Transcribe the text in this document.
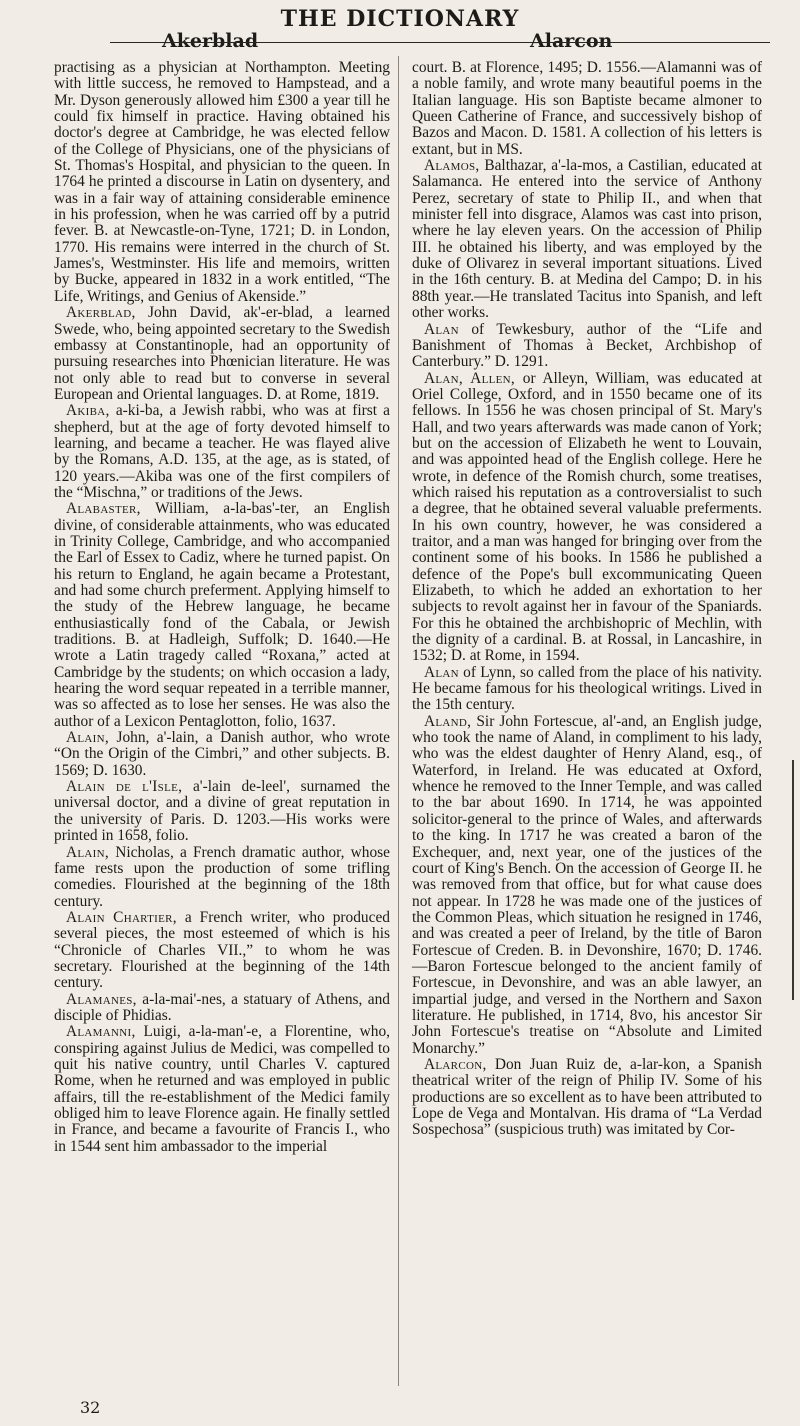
THE DICTIONARY
Akerblad	Alarcon

practising as a physician at Northampton. Meeting with little success, he removed to Hampstead, and a Mr. Dyson generously allowed him £300 a year till he could fix himself in practice. Having obtained his doctor's degree at Cambridge, he was elected fellow of the College of Physicians, one of the physicians of St. Thomas's Hospital, and physician to the queen. In 1764 he printed a discourse in Latin on dysentery, and was in a fair way of attaining considerable eminence in his profession, when he was carried off by a putrid fever. B. at Newcastle-on-Tyne, 1721; D. in London, 1770. His remains were interred in the church of St. James's, Westminster. His life and memoirs, written by Bucke, appeared in 1832 in a work entitled, “The Life, Writings, and Genius of Akenside.”

Akerblad, John David, ak'-er-blad, a learned Swede, who, being appointed secretary to the Swedish embassy at Constantinople, had an opportunity of pursuing researches into Phœnician literature. He was not only able to read but to converse in several European and Oriental languages. D. at Rome, 1819.

Akiba, a-ki-ba, a Jewish rabbi, who was at first a shepherd, but at the age of forty devoted himself to learning, and became a teacher. He was flayed alive by the Romans, A.D. 135, at the age, as is stated, of 120 years.—Akiba was one of the first compilers of the “Mischna,” or traditions of the Jews.

Alabaster, William, a-la-bas'-ter, an English divine, of considerable attainments, who was educated in Trinity College, Cambridge, and who accompanied the Earl of Essex to Cadiz, where he turned papist. On his return to England, he again became a Protestant, and had some church preferment. Applying himself to the study of the Hebrew language, he became enthusiastically fond of the Cabala, or Jewish traditions. B. at Hadleigh, Suffolk; D. 1640.—He wrote a Latin tragedy called “Roxana,” acted at Cambridge by the students; on which occasion a lady, hearing the word sequar repeated in a terrible manner, was so affected as to lose her senses. He was also the author of a Lexicon Pentaglotton, folio, 1637.

Alain, John, a'-lain, a Danish author, who wrote “On the Origin of the Cimbri,” and other subjects. B. 1569; D. 1630.

Alain de l'Isle, a'-lain de-leel', surnamed the universal doctor, and a divine of great reputation in the university of Paris. D. 1203.—His works were printed in 1658, folio.

Alain, Nicholas, a French dramatic author, whose fame rests upon the production of some trifling comedies. Flourished at the beginning of the 18th century.

Alain Chartier, a French writer, who produced several pieces, the most esteemed of which is his “Chronicle of Charles VII.,” to whom he was secretary. Flourished at the beginning of the 14th century.

Alamanes, a-la-mai'-nes, a statuary of Athens, and disciple of Phidias.

Alamanni, Luigi, a-la-man'-e, a Florentine, who, conspiring against Julius de Medici, was compelled to quit his native country, until Charles V. captured Rome, when he returned and was employed in public affairs, till the re-establishment of the Medici family obliged him to leave Florence again. He finally settled in France, and became a favourite of Francis I., who in 1544 sent him ambassador to the imperial

court. B. at Florence, 1495; D. 1556.—Alamanni was of a noble family, and wrote many beautiful poems in the Italian language. His son Baptiste became almoner to Queen Catherine of France, and successively bishop of Bazos and Macon. D. 1581. A collection of his letters is extant, but in MS.

Alamos, Balthazar, a'-la-mos, a Castilian, educated at Salamanca. He entered into the service of Anthony Perez, secretary of state to Philip II., and when that minister fell into disgrace, Alamos was cast into prison, where he lay eleven years. On the accession of Philip III. he obtained his liberty, and was employed by the duke of Olivarez in several important situations. Lived in the 16th century. B. at Medina del Campo; D. in his 88th year.—He translated Tacitus into Spanish, and left other works.

Alan of Tewkesbury, author of the “Life and Banishment of Thomas à Becket, Archbishop of Canterbury.” D. 1291.

Alan, Allen, or Alleyn, William, was educated at Oriel College, Oxford, and in 1550 became one of its fellows. In 1556 he was chosen principal of St. Mary's Hall, and two years afterwards was made canon of York; but on the accession of Elizabeth he went to Louvain, and was appointed head of the English college. Here he wrote, in defence of the Romish church, some treatises, which raised his reputation as a controversialist to such a degree, that he obtained several valuable preferments. In his own country, however, he was considered a traitor, and a man was hanged for bringing over from the continent some of his books. In 1586 he published a defence of the Pope's bull excommunicating Queen Elizabeth, to which he added an exhortation to her subjects to revolt against her in favour of the Spaniards. For this he obtained the archbishopric of Mechlin, with the dignity of a cardinal. B. at Rossal, in Lancashire, in 1532; D. at Rome, in 1594.

Alan of Lynn, so called from the place of his nativity. He became famous for his theological writings. Lived in the 15th century.

Aland, Sir John Fortescue, al'-and, an English judge, who took the name of Aland, in compliment to his lady, who was the eldest daughter of Henry Aland, esq., of Waterford, in Ireland. He was educated at Oxford, whence he removed to the Inner Temple, and was called to the bar about 1690. In 1714, he was appointed solicitor-general to the prince of Wales, and afterwards to the king. In 1717 he was created a baron of the Exchequer, and, next year, one of the justices of the court of King's Bench. On the accession of George II. he was removed from that office, but for what cause does not appear. In 1728 he was made one of the justices of the Common Pleas, which situation he resigned in 1746, and was created a peer of Ireland, by the title of Baron Fortescue of Creden. B. in Devonshire, 1670; D. 1746.—Baron Fortescue belonged to the ancient family of Fortescue, in Devonshire, and was an able lawyer, an impartial judge, and versed in the Northern and Saxon literature. He published, in 1714, 8vo, his ancestor Sir John Fortescue's treatise on “Absolute and Limited Monarchy.”

Alarcon, Don Juan Ruiz de, a-lar-kon, a Spanish theatrical writer of the reign of Philip IV. Some of his productions are so excellent as to have been attributed to Lope de Vega and Montalvan. His drama of “La Verdad Sospechosa” (suspicious truth) was imitated by Cor-

32
